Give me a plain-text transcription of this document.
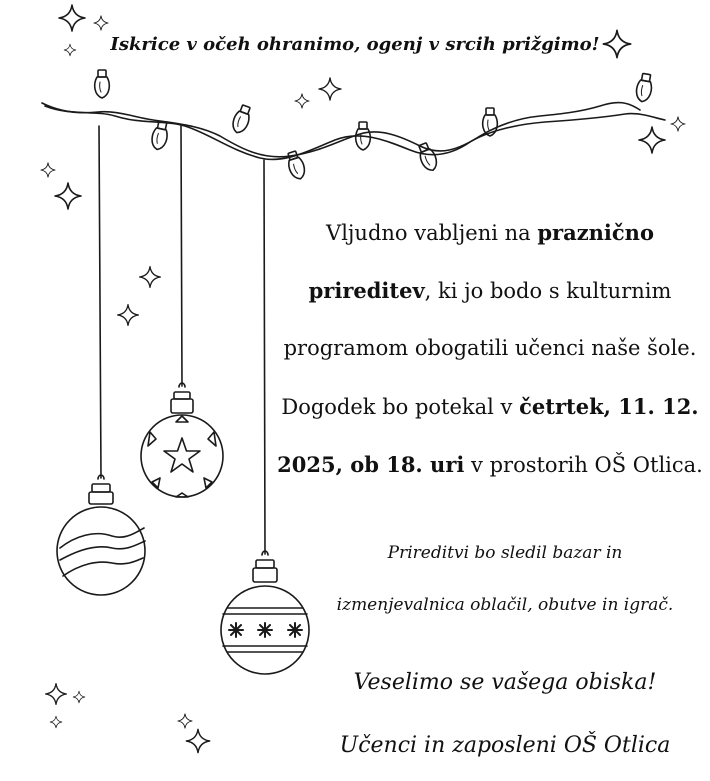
Iskrice v očeh ohranimo, ogenj v srcih prižgimo!
Vljudno vabljeni na praznično
prireditev, ki jo bodo s kulturnim
programom obogatili učenci naše šole.
Dogodek bo potekal v četrtek, 11. 12.
2025, ob 18. uri v prostorih OŠ Otlica.
Prireditvi bo sledil bazar in
izmenjevalnica oblačil, obutve in igrač.
Veselimo se vašega obiska!
Učenci in zaposleni OŠ Otlica
